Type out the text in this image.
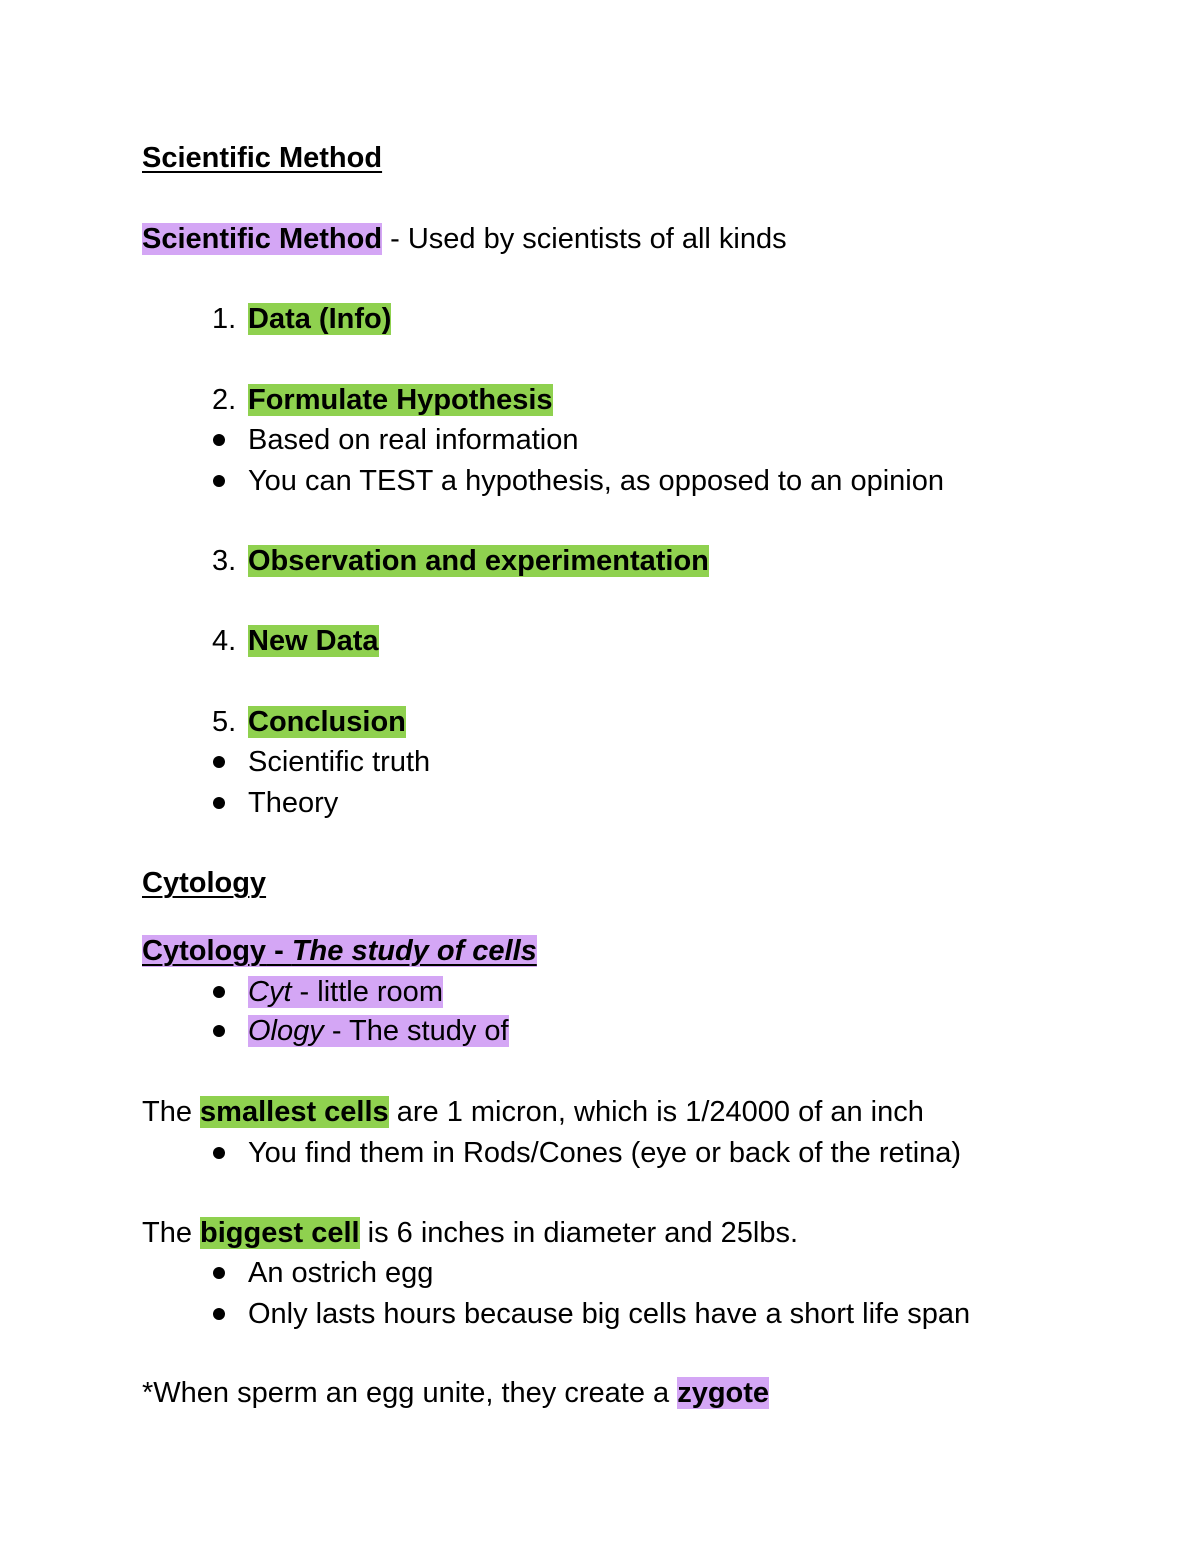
Scientific Method
Scientific Method - Used by scientists of all kinds
1. Data (Info)
2. Formulate Hypothesis
Based on real information
You can TEST a hypothesis, as opposed to an opinion
3. Observation and experimentation
4. New Data
5. Conclusion
Scientific truth
Theory
Cytology
Cytology - The study of cells
Cyt - little room
Ology - The study of
The smallest cells are 1 micron, which is 1/24000 of an inch
You find them in Rods/Cones (eye or back of the retina)
The biggest cell is 6 inches in diameter and 25lbs.
An ostrich egg
Only lasts hours because big cells have a short life span
*When sperm an egg unite, they create a zygote
